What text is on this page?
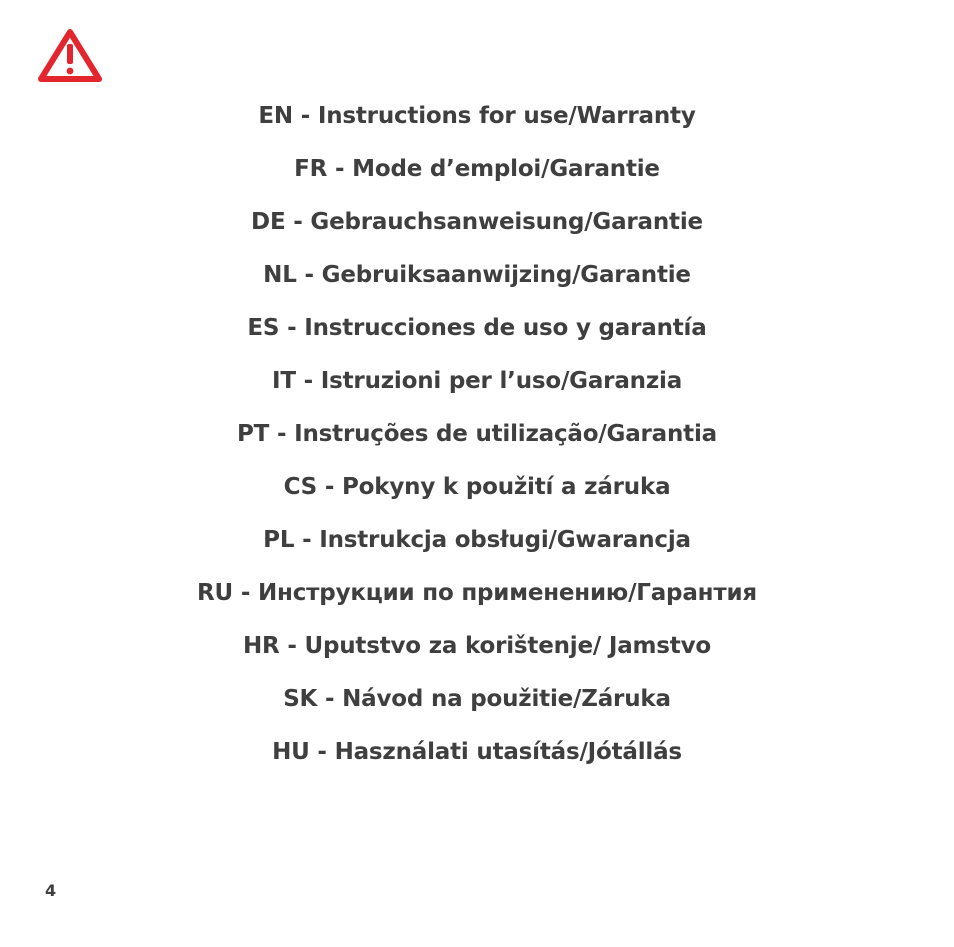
EN - Instructions for use/Warranty
FR - Mode d’emploi/Garantie
DE - Gebrauchsanweisung/Garantie
NL - Gebruiksaanwijzing/Garantie
ES - Instrucciones de uso y garantía
IT - Istruzioni per l’uso/Garanzia
PT - Instruções de utilização/Garantia
CS - Pokyny k použití a záruka
PL - Instrukcja obsługi/Gwarancja
RU - Инструкции по применению/Гарантия
HR - Uputstvo za korištenje/ Jamstvo
SK - Návod na použitie/Záruka
HU - Használati utasítás/Jótállás
4
